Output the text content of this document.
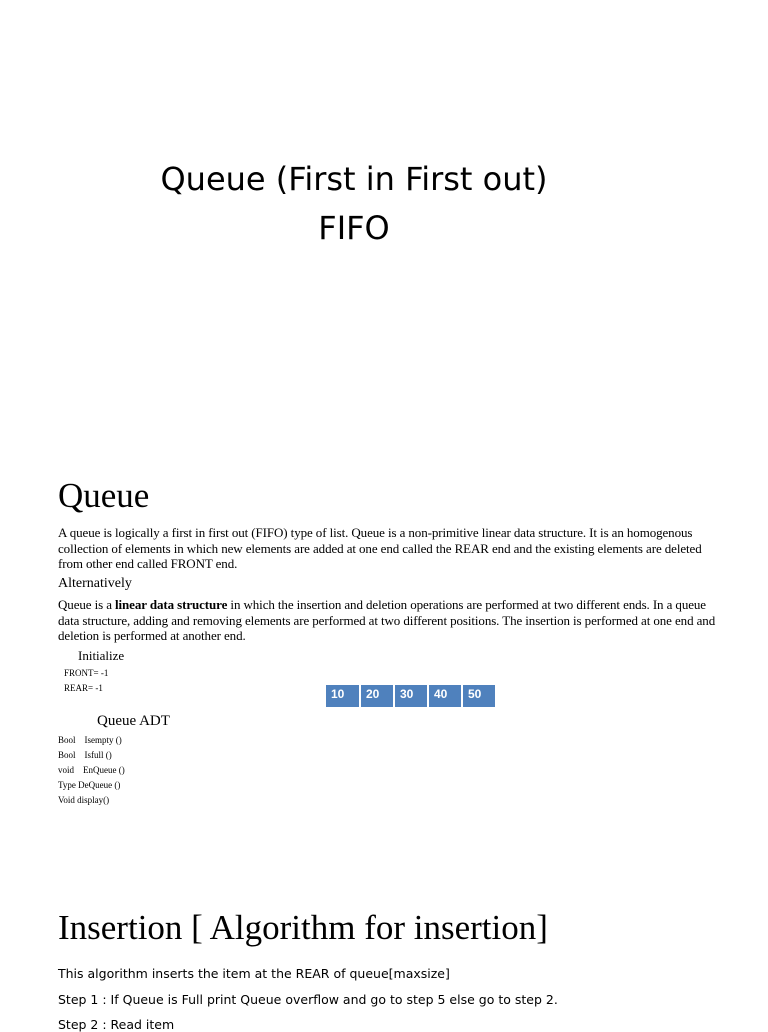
Queue (First in First out)
FIFO
Queue
A queue is logically a first in first out (FIFO) type of list. Queue is a non-primitive linear data structure. It is an homogenous collection of elements in which new elements are added at one end called the REAR end and the existing elements are deleted from other end called FRONT end.
Alternatively
Queue is a linear data structure in which the insertion and deletion operations are performed at two different ends. In a queue data structure, adding and removing elements are performed at two different positions. The insertion is performed at one end and deletion is performed at another end.
Initialize
FRONT= -1
REAR= -1	10	20	30	40	50
Queue ADT
Bool    Isempty ()
Bool    Isfull ()
void    EnQueue ()
Type DeQueue ()
Void display()
Insertion [ Algorithm for insertion]
This algorithm inserts the item at the REAR of queue[maxsize]
Step 1 : If Queue is Full print Queue overflow and go to step 5 else go to step 2.
Step 2 : Read item
